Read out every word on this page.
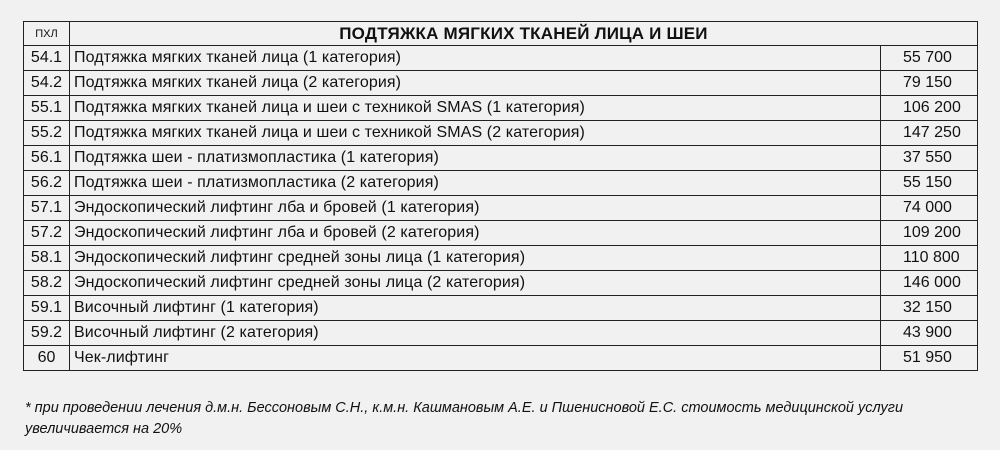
ПХЛ	ПОДТЯЖКА МЯГКИХ ТКАНЕЙ ЛИЦА И ШЕИ	
54.1	Подтяжка мягких тканей лица (1 категория)	55 700
54.2	Подтяжка мягких тканей лица (2 категория)	79 150
55.1	Подтяжка мягких тканей лица и шеи с техникой SMAS (1 категория)	106 200
55.2	Подтяжка мягких тканей лица и шеи с техникой SMAS (2 категория)	147 250
56.1	Подтяжка шеи - платизмопластика (1 категория)	37 550
56.2	Подтяжка шеи - платизмопластика (2 категория)	55 150
57.1	Эндоскопический лифтинг лба и бровей (1 категория)	74 000
57.2	Эндоскопический лифтинг лба и бровей (2 категория)	109 200
58.1	Эндоскопический лифтинг средней зоны лица (1 категория)	110 800
58.2	Эндоскопический лифтинг средней зоны лица (2 категория)	146 000
59.1	Височный лифтинг (1 категория)	32 150
59.2	Височный лифтинг (2 категория)	43 900
60	Чек-лифтинг	51 950
* при проведении лечения д.м.н. Бессоновым С.Н., к.м.н. Кашмановым А.Е. и Пшениcновой Е.С. стоимость медицинской услуги увеличивается на 20%
